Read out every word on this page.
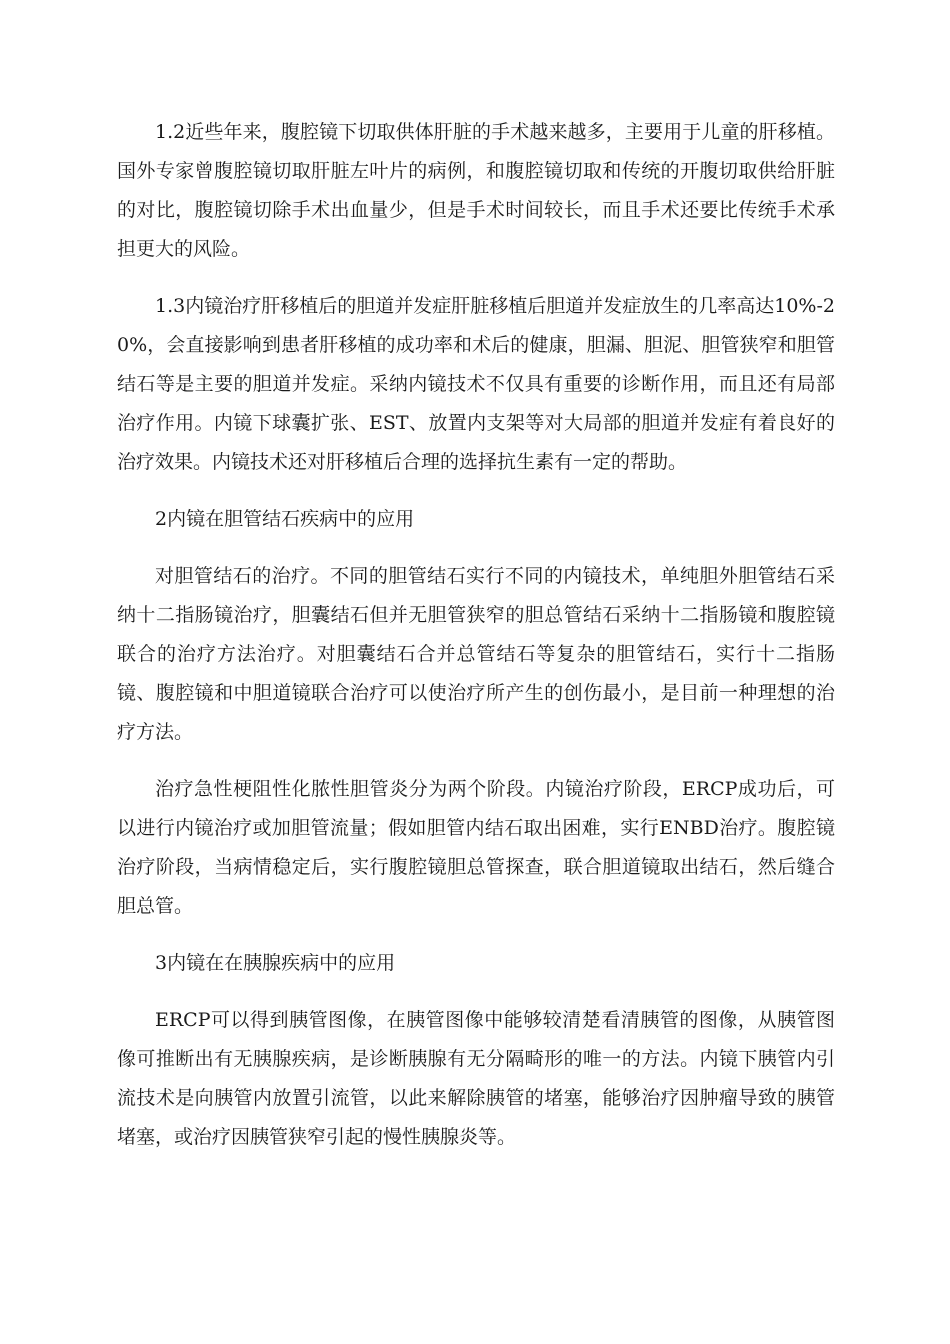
1.2近些年来，腹腔镜下切取供体肝脏的手术越来越多，主要用于儿童的肝移植。国外专家曾腹腔镜切取肝脏左叶片的病例，和腹腔镜切取和传统的开腹切取供给肝脏的对比，腹腔镜切除手术出血量少，但是手术时间较长，而且手术还要比传统手术承担更大的风险。

1.3内镜治疗肝移植后的胆道并发症肝脏移植后胆道并发症放生的几率高达10%-20%，会直接影响到患者肝移植的成功率和术后的健康，胆漏、胆泥、胆管狭窄和胆管结石等是主要的胆道并发症。采纳内镜技术不仅具有重要的诊断作用，而且还有局部治疗作用。内镜下球囊扩张、EST、放置内支架等对大局部的胆道并发症有着良好的治疗效果。内镜技术还对肝移植后合理的选择抗生素有一定的帮助。

2内镜在胆管结石疾病中的应用

对胆管结石的治疗。不同的胆管结石实行不同的内镜技术，单纯胆外胆管结石采纳十二指肠镜治疗，胆囊结石但并无胆管狭窄的胆总管结石采纳十二指肠镜和腹腔镜联合的治疗方法治疗。对胆囊结石合并总管结石等复杂的胆管结石，实行十二指肠镜、腹腔镜和中胆道镜联合治疗可以使治疗所产生的创伤最小，是目前一种理想的治疗方法。

治疗急性梗阻性化脓性胆管炎分为两个阶段。内镜治疗阶段，ERCP成功后，可以进行内镜治疗或加胆管流量；假如胆管内结石取出困难，实行ENBD治疗。腹腔镜治疗阶段，当病情稳定后，实行腹腔镜胆总管探查，联合胆道镜取出结石，然后缝合胆总管。

3内镜在在胰腺疾病中的应用

ERCP可以得到胰管图像，在胰管图像中能够较清楚看清胰管的图像，从胰管图像可推断出有无胰腺疾病，是诊断胰腺有无分隔畸形的唯一的方法。内镜下胰管内引流技术是向胰管内放置引流管，以此来解除胰管的堵塞，能够治疗因肿瘤导致的胰管堵塞，或治疗因胰管狭窄引起的慢性胰腺炎等。
